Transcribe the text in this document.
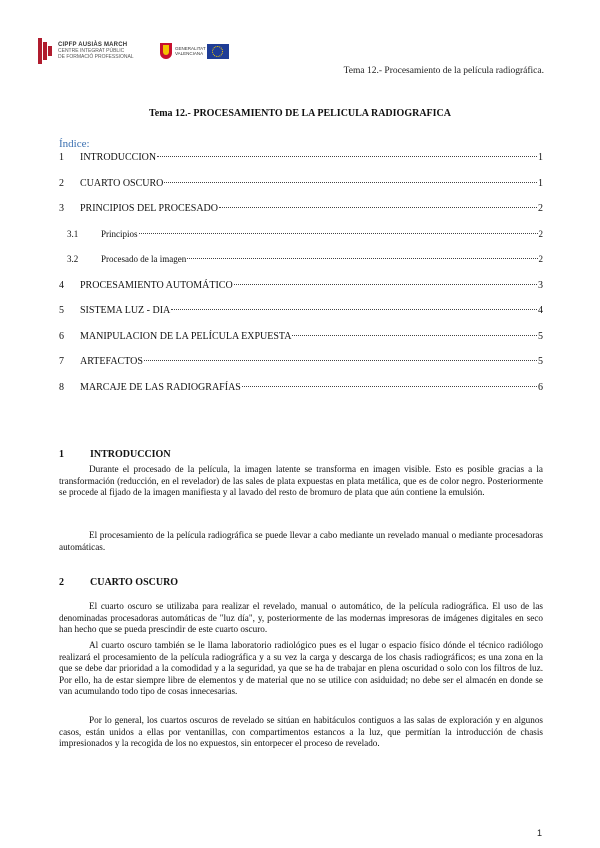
CIPFP AUSIÀS MARCH
CENTRE INTEGRAT PÚBLIC
DE FORMACIÓ PROFESSIONAL
GENERALITAT VALENCIANA
Tema 12.- Procesamiento de la película radiográfica.
Tema 12.- PROCESAMIENTO DE LA PELICULA RADIOGRAFICA
Índice:
1	INTRODUCCION	1
2	CUARTO OSCURO	1
3	PRINCIPIOS DEL PROCESADO	2
3.1	Principios	2
3.2	Procesado de la imagen	2
4	PROCESAMIENTO AUTOMÁTICO	3
5	SISTEMA LUZ - DIA	4
6	MANIPULACION DE LA PELÍCULA EXPUESTA	5
7	ARTEFACTOS	5
8	MARCAJE DE LAS RADIOGRAFÍAS	6
1	INTRODUCCION

Durante el procesado de la película, la imagen latente se transforma en imagen visible. Esto es posible gracias a la transformación (reducción, en el revelador) de las sales de plata expuestas en plata metálica, que es de color negro. Posteriormente se procede al fijado de la imagen manifiesta y al lavado del resto de bromuro de plata que aún contiene la emulsión.

El procesamiento de la película radiográfica se puede llevar a cabo mediante un revelado manual o mediante procesadoras automáticas.

2	CUARTO OSCURO

El cuarto oscuro se utilizaba para realizar el revelado, manual o automático, de la película radiográfica. El uso de las denominadas procesadoras automáticas de "luz día", y, posteriormente de las modernas impresoras de imágenes digitales en seco han hecho que se pueda prescindir de este cuarto oscuro.

Al cuarto oscuro también se le llama laboratorio radiológico pues es el lugar o espacio físico dónde el técnico radiólogo realizará el procesamiento de la película radiográfica y a su vez la carga y descarga de los chasis radiográficos; es una zona en la que se debe dar prioridad a la comodidad y a la seguridad, ya que se ha de trabajar en plena oscuridad o solo con los filtros de luz. Por ello, ha de estar siempre libre de elementos y de material que no se utilice con asiduidad; no debe ser el almacén en donde se van acumulando todo tipo de cosas innecesarias.

Por lo general, los cuartos oscuros de revelado se sitúan en habitáculos contiguos a las salas de exploración y en algunos casos, están unidos a ellas por ventanillas, con compartimentos estancos a la luz, que permitían la introducción de chasis impresionados y la recogida de los no expuestos, sin entorpecer el proceso de revelado.

1
